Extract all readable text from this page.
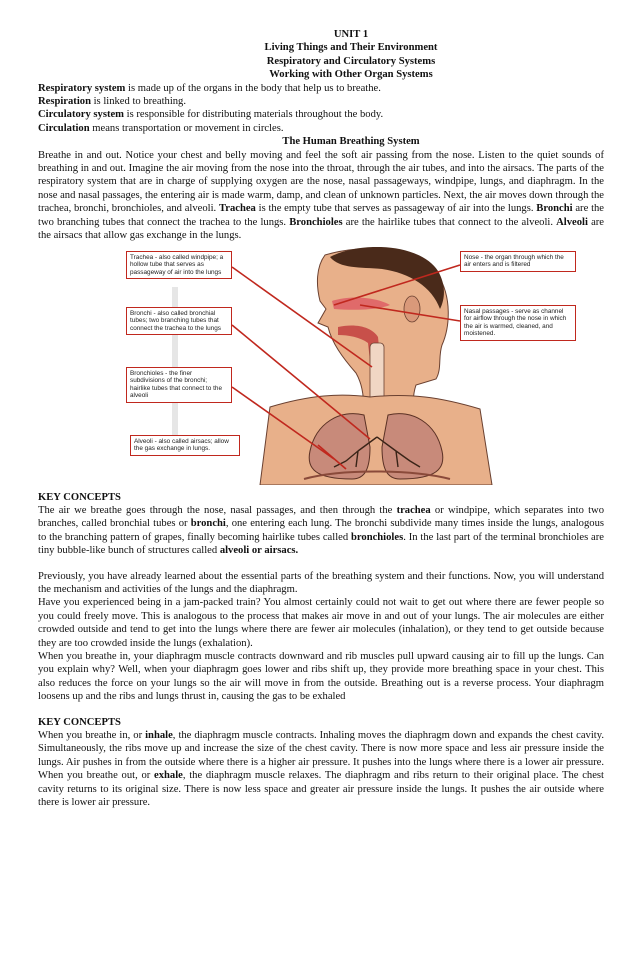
UNIT 1
Living Things and Their Environment
Respiratory and Circulatory Systems
Working with Other Organ Systems

Respiratory system is made up of the organs in the body that help us to breathe.

Respiration is linked to breathing.

Circulatory system is responsible for distributing materials throughout the body.

Circulation means transportation or movement in circles.

The Human Breathing System

Breathe in and out. Notice your chest and belly moving and feel the soft air passing from the nose. Listen to the quiet sounds of breathing in and out. Imagine the air moving from the nose into the throat, through the air tubes, and into the airsacs. The parts of the respiratory system that are in charge of supplying oxygen are the nose, nasal passageways, windpipe, lungs, and diaphragm. In the nose and nasal passages, the entering air is made warm, damp, and clean of unknown particles. Next, the air moves down through the trachea, bronchi, bronchioles, and alveoli. Trachea is the empty tube that serves as passageway of air into the lungs. Bronchi are the two branching tubes that connect the trachea to the lungs. Bronchioles are the hairlike tubes that connect to the alveoli. Alveoli are the airsacs that allow gas exchange in the lungs.

Trachea - also called windpipe; a hollow tube that serves as passageway of air into the lungs
Bronchi - also called bronchial tubes; two branching tubes that connect the trachea to the lungs
Bronchioles - the finer subdivisions of the bronchi; hairlike tubes that connect to the alveoli
Alveoli - also called airsacs; allow the gas exchange in lungs.
Nose - the organ through which the air enters and is filtered
Nasal passages - serve as channel for airflow through the nose in which the air is warmed, cleaned, and moistened.
KEY CONCEPTS

The air we breathe goes through the nose, nasal passages, and then through the trachea or windpipe, which separates into two branches, called bronchial tubes or bronchi, one entering each lung. The bronchi subdivide many times inside the lungs, analogous to the branching pattern of grapes, finally becoming hairlike tubes called bronchioles. In the last part of the terminal bronchioles are tiny bubble-like bunch of structures called alveoli or airsacs.

Previously, you have already learned about the essential parts of the breathing system and their functions. Now, you will understand the mechanism and activities of the lungs and the diaphragm.

Have you experienced being in a jam-packed train? You almost certainly could not wait to get out where there are fewer people so you could freely move. This is analogous to the process that makes air move in and out of your lungs. The air molecules are either crowded outside and tend to get into the lungs where there are fewer air molecules (inhalation), or they tend to get outside because they are too crowded inside the lungs (exhalation).

When you breathe in, your diaphragm muscle contracts downward and rib muscles pull upward causing air to fill up the lungs. Can you explain why? Well, when your diaphragm goes lower and ribs shift up, they provide more breathing space in your chest. This also reduces the force on your lungs so the air will move in from the outside. Breathing out is a reverse process. Your diaphragm loosens up and the ribs and lungs thrust in, causing the gas to be exhaled

KEY CONCEPTS

When you breathe in, or inhale, the diaphragm muscle contracts. Inhaling moves the diaphragm down and expands the chest cavity. Simultaneously, the ribs move up and increase the size of the chest cavity. There is now more space and less air pressure inside the lungs. Air pushes in from the outside where there is a higher air pressure. It pushes into the lungs where there is a lower air pressure. When you breathe out, or exhale, the diaphragm muscle relaxes. The diaphragm and ribs return to their original place. The chest cavity returns to its original size. There is now less space and greater air pressure inside the lungs. It pushes the air outside where there is lower air pressure.
